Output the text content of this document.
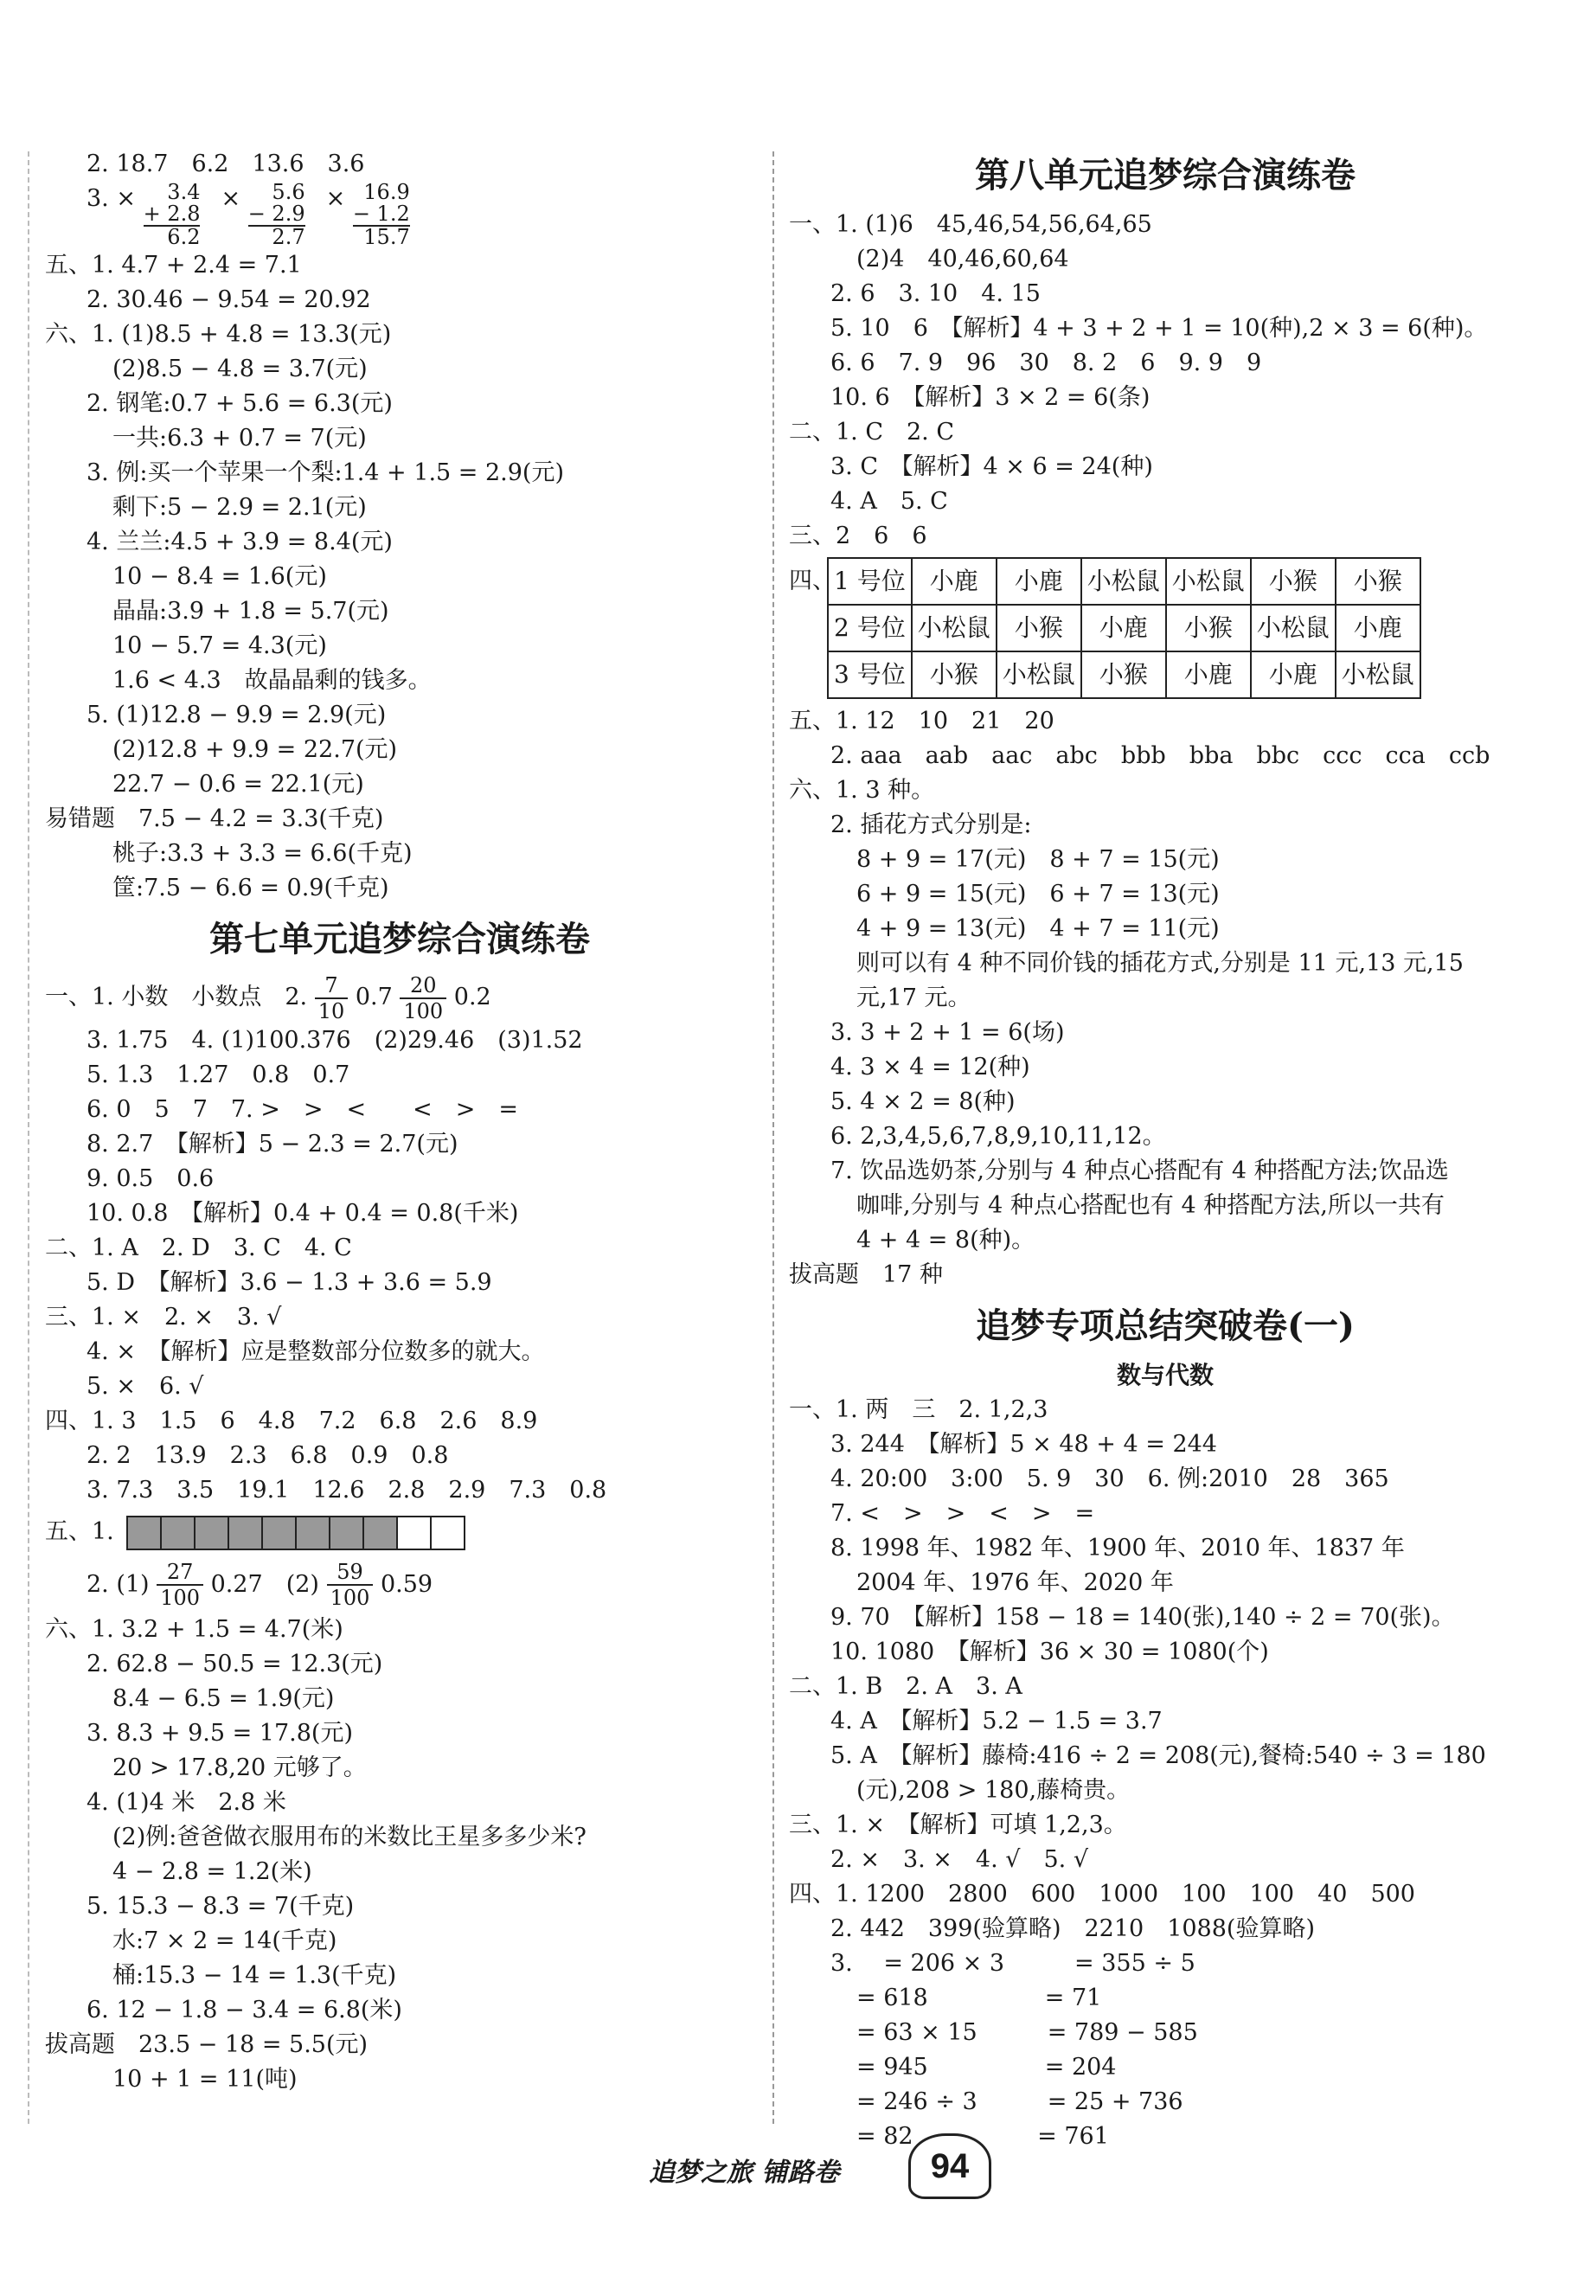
2. 18.7　6.2　13.6　3.6
3. ×	3.4
+ 2.8
6.2
×	5.6
− 2.9
2.7
× 16.9
− 1.2
15.7
五、1. 4.7 + 2.4 = 7.1
2. 30.46 − 9.54 = 20.92
六、1. (1)8.5 + 4.8 = 13.3(元)
(2)8.5 − 4.8 = 3.7(元)
2. 钢笔:0.7 + 5.6 = 6.3(元)
一共:6.3 + 0.7 = 7(元)
3. 例:买一个苹果一个梨:1.4 + 1.5 = 2.9(元)
剩下:5 − 2.9 = 2.1(元)
4. 兰兰:4.5 + 3.9 = 8.4(元)
10 − 8.4 = 1.6(元)
晶晶:3.9 + 1.8 = 5.7(元)
10 − 5.7 = 4.3(元)
1.6 < 4.3　故晶晶剩的钱多。
5. (1)12.8 − 9.9 = 2.9(元)
(2)12.8 + 9.9 = 22.7(元)
22.7 − 0.6 = 22.1(元)
易错题　7.5 − 4.2 = 3.3(千克)
桃子:3.3 + 3.3 = 6.6(千克)
筐:7.5 − 6.6 = 0.9(千克)
第七单元追梦综合演练卷
一、1. 小数　小数点　2. $\frac{7}{10} 0.7 \frac{20}{100} 0.2$
3. 1.75　4. (1)100.376　(2)29.46　(3)1.52
5. 1.3　1.27　0.8　0.7
6. 0　5　7　7. >　>　<　　<　>　=
8. 2.7　【解析】5 − 2.3 = 2.7(元)
9. 0.5　0.6
10. 0.8　【解析】0.4 + 0.4 = 0.8(千米)
二、1. A　2. D　3. C　4. C
5. D　【解析】3.6 − 1.3 + 3.6 = 5.9
三、1. ×　2. ×　3. √
4. ×　【解析】应是整数部分位数多的就大。
5. ×　6. √
四、1. 3　1.5　6　4.8　7.2　6.8　2.6　8.9
2. 2　13.9　2.3　6.8　0.9　0.8
3. 7.3　3.5　19.1　12.6　2.8　2.9　7.3　0.8
五、1.
2. $(1) \frac{27}{100} 0.27$　$(2) \frac{59}{100} 0.59$
六、1. 3.2 + 1.5 = 4.7(米)
2. 62.8 − 50.5 = 12.3(元)
8.4 − 6.5 = 1.9(元)
3. 8.3 + 9.5 = 17.8(元)
20 > 17.8,20 元够了。
4. (1)4 米　2.8 米
(2)例:爸爸做衣服用布的米数比王星多多少米?
4 − 2.8 = 1.2(米)
5. 15.3 − 8.3 = 7(千克)
水:7 × 2 = 14(千克)
桶:15.3 − 14 = 1.3(千克)
6. 12 − 1.8 − 3.4 = 6.8(米)
拔高题　23.5 − 18 = 5.5(元)
10 + 1 = 11(吨)
第八单元追梦综合演练卷
一、1. (1)6　45,46,54,56,64,65
(2)4　40,46,60,64
2. 6　3. 10　4. 15
5. 10　6　【解析】4 + 3 + 2 + 1 = 10(种),2 × 3 = 6(种)。
6. 6　7. 9　96　30　8. 2　6　9. 9　9
10. 6　【解析】3 × 2 = 6(条)
二、1. C　2. C
3. C　【解析】4 × 6 = 24(种)
4. A　5. C
三、2　6　6
四、
1 号位	小鹿	小鹿	小松鼠	小松鼠	小猴	小猴
2 号位	小松鼠	小猴	小鹿	小猴	小松鼠	小鹿
3 号位	小猴	小松鼠	小猴	小鹿	小鹿	小松鼠
五、1. 12　10　21　20
2. aaa　aab　aac　abc　bbb　bba　bbc　ccc　cca　ccb
六、1. 3 种。
2. 插花方式分别是:
8 + 9 = 17(元)　8 + 7 = 15(元)
6 + 9 = 15(元)　6 + 7 = 13(元)
4 + 9 = 13(元)　4 + 7 = 11(元)
则可以有 4 种不同价钱的插花方式,分别是 11 元,13 元,15
元,17 元。
3. 3 + 2 + 1 = 6(场)
4. 3 × 4 = 12(种)
5. 4 × 2 = 8(种)
6. 2,3,4,5,6,7,8,9,10,11,12。
7. 饮品选奶茶,分别与 4 种点心搭配有 4 种搭配方法;饮品选
咖啡,分别与 4 种点心搭配也有 4 种搭配方法,所以一共有
4 + 4 = 8(种)。
拔高题　17 种
追梦专项总结突破卷(一)
数与代数
一、1. 两　三　2. 1,2,3
3. 244　【解析】5 × 48 + 4 = 244
4. 20:00　3:00　5. 9　30　6. 例:2010　28　365
7. <　>　>　<　>　=
8. 1998 年、1982 年、1900 年、2010 年、1837 年
2004 年、1976 年、2020 年
9. 70　【解析】158 − 18 = 140(张),140 ÷ 2 = 70(张)。
10. 1080　【解析】36 × 30 = 1080(个)
二、1. B　2. A　3. A
4. A　【解析】5.2 − 1.5 = 3.7
5. A　【解析】藤椅:416 ÷ 2 = 208(元),餐椅:540 ÷ 3 = 180
(元),208 > 180,藤椅贵。
三、1. ×　【解析】可填 1,2,3。
2. ×　3. ×　4. √　5. √
四、1. 1200　2800　600　1000　100　100　40　500
2. 442　399(验算略)　2210　1088(验算略)
3. 　= 206 × 3　　　= 355 ÷ 5
= 618　　　　　= 71
= 63 × 15　　　= 789 − 585
= 945　　　　　= 204
= 246 ÷ 3　　　= 25 + 736
= 82　　　　　 = 761
追梦之旅 铺路卷	94
